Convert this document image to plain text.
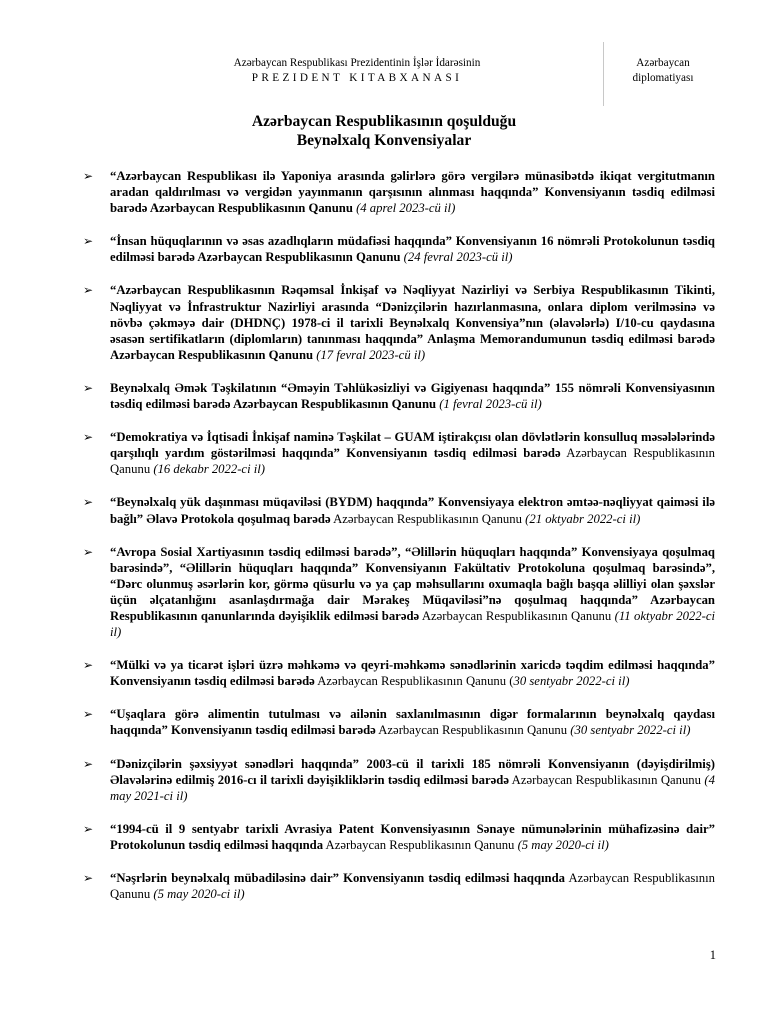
Azərbaycan Respublikası Prezidentinin İşlər İdarəsinin
PREZIDENT KITABXANASI
Azərbaycan
diplomatiyası
Azərbaycan Respublikasının qoşulduğu
Beynəlxalq Konvensiyalar
➢ “Azərbaycan Respublikası ilə Yaponiya arasında gəlirlərə görə vergilərə münasibətdə ikiqat vergitutmanın aradan qaldırılması və vergidən yayınmanın qarşısının alınması haqqında” Konvensiyanın təsdiq edilməsi barədə Azərbaycan Respublikasının Qanunu (4 aprel 2023-cü il)
➢ “İnsan hüquqlarının və əsas azadlıqların müdafiəsi haqqında” Konvensiyanın 16 nömrəli Protokolunun təsdiq edilməsi barədə Azərbaycan Respublikasının Qanunu (24 fevral 2023-cü il)
➢ “Azərbaycan Respublikasının Rəqəmsal İnkişaf və Nəqliyyat Nazirliyi və Serbiya Respublikasının Tikinti, Nəqliyyat və İnfrastruktur Nazirliyi arasında “Dənizçilərin hazırlanmasına, onlara diplom verilməsinə və növbə çəkməyə dair (DHDNÇ) 1978-ci il tarixli Beynəlxalq Konvensiya”nın (əlavələrlə) I/10-cu qaydasına əsasən sertifikatların (diplomların) tanınması haqqında” Anlaşma Memorandumunun təsdiq edilməsi barədə Azərbaycan Respublikasının Qanunu (17 fevral 2023-cü il)
➢ Beynəlxalq Əmək Təşkilatının “Əməyin Təhlükəsizliyi və Gigiyenası haqqında” 155 nömrəli Konvensiyasının təsdiq edilməsi barədə Azərbaycan Respublikasının Qanunu (1 fevral 2023-cü il)
➢ “Demokratiya və İqtisadi İnkişaf naminə Təşkilat – GUAM iştirakçısı olan dövlətlərin konsulluq məsələlərində qarşılıqlı yardım göstərilməsi haqqında” Konvensiyanın təsdiq edilməsi barədə Azərbaycan Respublikasının Qanunu (16 dekabr 2022-ci il)
➢ “Beynəlxalq yük daşınması müqaviləsi (BYDM) haqqında” Konvensiyaya elektron əmtəə-nəqliyyat qaiməsi ilə bağlı” Əlavə Protokola qoşulmaq barədə Azərbaycan Respublikasının Qanunu (21 oktyabr 2022-ci il)
➢ “Avropa Sosial Xartiyasının təsdiq edilməsi barədə”, “Əlillərin hüquqları haqqında” Konvensiyaya qoşulmaq barəsində”, “Əlillərin hüquqları haqqında” Konvensiyanın Fakültativ Protokoluna qoşulmaq barəsində”, “Dərc olunmuş əsərlərin kor, görmə qüsurlu və ya çap məhsullarını oxumaqla bağlı başqa əlilliyi olan şəxslər üçün əlçatanlığını asanlaşdırmağa dair Mərakeş Müqaviləsi”nə qoşulmaq haqqında” Azərbaycan Respublikasının qanunlarında dəyişiklik edilməsi barədə Azərbaycan Respublikasının Qanunu (11 oktyabr 2022-ci il)
➢ “Mülki və ya ticarət işləri üzrə məhkəmə və qeyri-məhkəmə sənədlərinin xaricdə təqdim edilməsi haqqında” Konvensiyanın təsdiq edilməsi barədə Azərbaycan Respublikasının Qanunu (30 sentyabr 2022-ci il)
➢ “Uşaqlara görə alimentin tutulması və ailənin saxlanılmasının digər formalarının beynəlxalq qaydası haqqında” Konvensiyanın təsdiq edilməsi barədə Azərbaycan Respublikasının Qanunu (30 sentyabr 2022-ci il)
➢ “Dənizçilərin şəxsiyyət sənədləri haqqında” 2003-cü il tarixli 185 nömrəli Konvensiyanın (dəyişdirilmiş) Əlavələrinə edilmiş 2016-cı il tarixli dəyişikliklərin təsdiq edilməsi barədə Azərbaycan Respublikasının Qanunu (4 may 2021-ci il)
➢ “1994-cü il 9 sentyabr tarixli Avrasiya Patent Konvensiyasının Sənaye nümunələrinin mühafizəsinə dair” Protokolunun təsdiq edilməsi haqqında Azərbaycan Respublikasının Qanunu (5 may 2020-ci il)
➢ “Nəşrlərin beynəlxalq mübadiləsinə dair” Konvensiyanın təsdiq edilməsi haqqında Azərbaycan Respublikasının Qanunu (5 may 2020-ci il)
1
